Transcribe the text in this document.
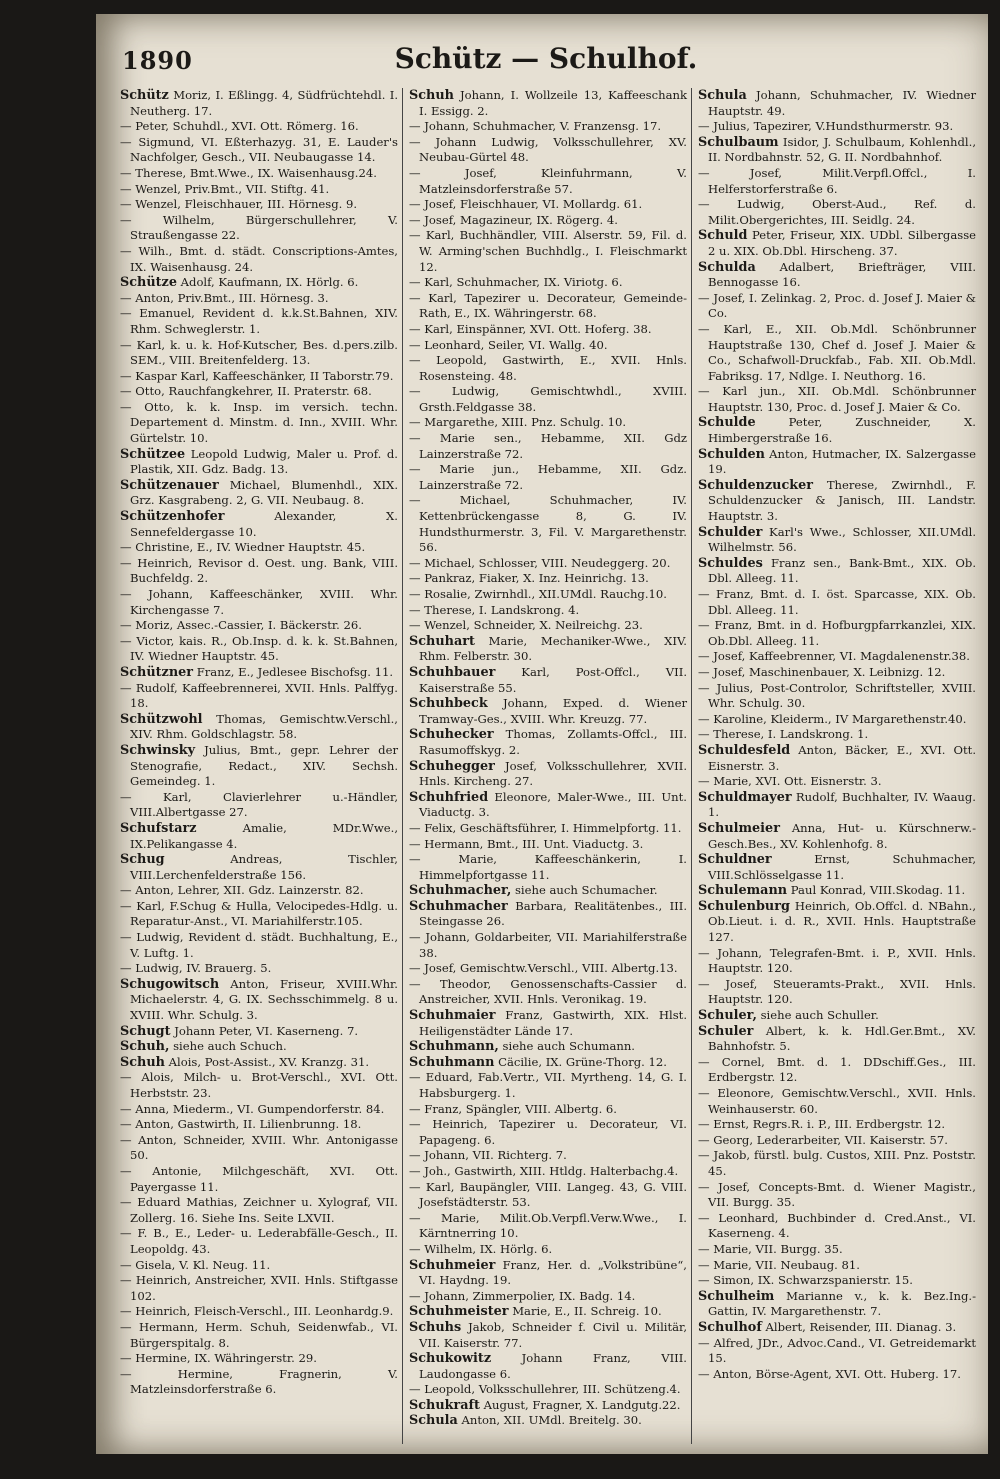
1890	Schütz — Schulhof.

Schütz Moriz, I. Eßlingg. 4, Südfrüchtehdl. I. Neutherg. 17.

— Peter, Schuhdl., XVI. Ott. Römerg. 16.

— Sigmund, VI. Eßterhazyg. 31, E. Lauder's Nachfolger, Gesch., VII. Neubaugasse 14.

— Therese, Bmt.Wwe., IX. Waisenhausg.24.

— Wenzel, Priv.Bmt., VII. Stiftg. 41.

— Wenzel, Fleischhauer, III. Hörnesg. 9.

— Wilhelm, Bürgerschullehrer, V. Straußengasse 22.

— Wilh., Bmt. d. städt. Conscriptions-Amtes, IX. Waisenhausg. 24.

Schütze Adolf, Kaufmann, IX. Hörlg. 6.

— Anton, Priv.Bmt., III. Hörnesg. 3.

— Emanuel, Revident d. k.k.St.Bahnen, XIV. Rhm. Schweglerstr. 1.

— Karl, k. u. k. Hof-Kutscher, Bes. d.pers.zilb. SEM., VIII. Breitenfelderg. 13.

— Kaspar Karl, Kaffeeschänker, II Taborstr.79.

— Otto, Rauchfangkehrer, II. Praterstr. 68.

— Otto, k. k. Insp. im versich. techn. Departement d. Minstm. d. Inn., XVIII. Whr. Gürtelstr. 10.

Schützee Leopold Ludwig, Maler u. Prof. d. Plastik, XII. Gdz. Badg. 13.

Schützenauer Michael, Blumenhdl., XIX. Grz. Kasgrabeng. 2, G. VII. Neubaug. 8.

Schützenhofer	Alexander, X. Sennefeldergasse 10.

— Christine, E., IV. Wiedner Hauptstr. 45.

— Heinrich, Revisor d. Oest. ung. Bank, VIII. Buchfeldg. 2.

— Johann, Kaffeeschänker, XVIII. Whr. Kirchengasse 7.

— Moriz, Assec.-Cassier, I. Bäckerstr. 26.

— Victor, kais. R., Ob.Insp. d. k. k. St.Bahnen, IV. Wiedner Hauptstr. 45.

Schützner Franz, E., Jedlesee Bischofsg. 11.

— Rudolf, Kaffeebrennerei, XVII. Hnls. Palffyg. 18.

Schützwohl Thomas, Gemischtw.Verschl., XIV. Rhm. Goldschlagstr. 58.

Schwinsky Julius, Bmt., gepr. Lehrer der Stenografie, Redact., XIV. Sechsh. Gemeindeg. 1.

— Karl, Clavierlehrer u.-Händler, VIII.Albertgasse 27.

Schufstarz	Amalie, MDr.Wwe., IX.Pelikangasse 4.

Schug	Andreas, Tischler, VIII.Lerchenfelderstraße 156.

— Anton, Lehrer, XII. Gdz. Lainzerstr. 82.

— Karl, F.Schug & Hulla, Velocipedes-Hdlg. u. Reparatur-Anst., VI. Mariahilferstr.105.

— Ludwig, Revident d. städt. Buchhaltung, E., V. Luftg. 1.

— Ludwig, IV. Brauerg. 5.

Schugowitsch Anton, Friseur, XVIII.Whr. Michaelerstr. 4, G. IX. Sechsschimmelg. 8 u. XVIII. Whr. Schulg. 3.

Schugt Johann Peter, VI. Kaserneng. 7.

Schuh, siehe auch Schuch.

Schuh Alois, Post-Assist., XV. Kranzg. 31.

— Alois, Milch- u. Brot-Verschl., XVI. Ott. Herbststr. 23.

— Anna, Miederm., VI. Gumpendorferstr. 84.

— Anton, Gastwirth, II. Lilienbrunng. 18.

— Anton, Schneider, XVIII. Whr. Antonigasse 50.

— Antonie, Milchgeschäft, XVI. Ott. Payergasse 11.

— Eduard Mathias, Zeichner u. Xylograf, VII. Zollerg. 16. Siehe Ins. Seite LXVII.

— F. B., E., Leder- u. Lederabfälle-Gesch., II. Leopoldg. 43.

— Gisela, V. Kl. Neug. 11.

— Heinrich, Anstreicher, XVII. Hnls. Stiftgasse 102.

— Heinrich, Fleisch-Verschl., III. Leonhardg.9.

— Hermann, Herm. Schuh, Seidenwfab., VI. Bürgerspitalg. 8.

— Hermine, IX. Währingerstr. 29.

— Hermine, Fragnerin, V. Matzleinsdorferstraße 6.

Schuh Johann, I. Wollzeile 13, Kaffeeschank I. Essigg. 2.

— Johann, Schuhmacher, V. Franzensg. 17.

— Johann Ludwig, Volksschullehrer, XV. Neubau-Gürtel 48.

— Josef, Kleinfuhrmann, V. Matzleinsdorferstraße 57.

— Josef, Fleischhauer, VI. Mollardg. 61.

— Josef, Magazineur, IX. Rögerg. 4.

— Karl, Buchhändler, VIII. Alserstr. 59, Fil. d. W. Arming'schen Buchhdlg., I. Fleischmarkt 12.

— Karl, Schuhmacher, IX. Viriotg. 6.

— Karl, Tapezirer u. Decorateur, Gemeinde-Rath, E., IX. Währingerstr. 68.

— Karl, Einspänner, XVI. Ott. Hoferg. 38.

— Leonhard, Seiler, VI. Wallg. 40.

— Leopold, Gastwirth, E., XVII. Hnls. Rosensteing. 48.

— Ludwig, Gemischtwhdl., XVIII. Grsth.Feldgasse 38.

— Margarethe, XIII. Pnz. Schulg. 10.

— Marie sen., Hebamme, XII. Gdz Lainzerstraße 72.

— Marie jun., Hebamme, XII. Gdz. Lainzerstraße 72.

— Michael, Schuhmacher, IV. Kettenbrückengasse 8, G. IV. Hundsthurmerstr. 3, Fil. V. Margarethenstr. 56.

— Michael, Schlosser, VIII. Neudeggerg. 20.

— Pankraz, Fiaker, X. Inz. Heinrichg. 13.

— Rosalie, Zwirnhdl., XII.UMdl. Rauchg.10.

— Therese, I. Landskrong. 4.

— Wenzel, Schneider, X. Neilreichg. 23.

Schuhart Marie, Mechaniker-Wwe., XIV. Rhm. Felberstr. 30.

Schuhbauer Karl, Post-Offcl., VII. Kaiserstraße 55.

Schuhbeck Johann, Exped. d. Wiener Tramway-Ges., XVIII. Whr. Kreuzg. 77.

Schuhecker Thomas, Zollamts-Offcl., III. Rasumoffskyg. 2.

Schuhegger Josef, Volksschullehrer, XVII. Hnls. Kircheng. 27.

Schuhfried Eleonore, Maler-Wwe., III. Unt. Viaductg. 3.

— Felix, Geschäftsführer, I. Himmelpfortg. 11.

— Hermann, Bmt., III. Unt. Viaductg. 3.

— Marie, Kaffeeschänkerin, I. Himmelpfortgasse 11.

Schuhmacher, siehe auch Schumacher.

Schuhmacher Barbara, Realitätenbes., III. Steingasse 26.

— Johann, Goldarbeiter, VII. Mariahilferstraße 38.

— Josef, Gemischtw.Verschl., VIII. Albertg.13.

— Theodor, Genossenschafts-Cassier d. Anstreicher, XVII. Hnls. Veronikag. 19.

Schuhmaier Franz, Gastwirth, XIX. Hlst. Heiligenstädter Lände 17.

Schuhmann, siehe auch Schumann.

Schuhmann Cäcilie, IX. Grüne-Thorg. 12.

— Eduard, Fab.Vertr., VII. Myrtheng. 14, G. I. Habsburgerg. 1.

— Franz, Spängler, VIII. Albertg. 6.

— Heinrich, Tapezirer u. Decorateur, VI. Papageng. 6.

— Johann, VII. Richterg. 7.

— Joh., Gastwirth, XIII. Htldg. Halterbachg.4.

— Karl, Baupängler, VIII. Langeg. 43, G. VIII. Josefstädterstr. 53.

— Marie, Milit.Ob.Verpfl.Verw.Wwe., I. Kärntnerring 10.

— Wilhelm, IX. Hörlg. 6.

Schuhmeier Franz, Her. d. „Volkstribüne“, VI. Haydng. 19.

— Johann, Zimmerpolier, IX. Badg. 14.

Schuhmeister Marie, E., II. Schreig. 10.

Schuhs Jakob, Schneider f. Civil u. Militär, VII. Kaiserstr. 77.

Schukowitz	Johann Franz, VIII. Laudongasse 6.

— Leopold, Volksschullehrer, III. Schützeng.4.

Schukraft August, Fragner, X. Landgutg.22.

Schula Anton, XII. UMdl. Breitelg. 30.

Schula Johann, Schuhmacher, IV. Wiedner Hauptstr. 49.

— Julius, Tapezirer, V.Hundsthurmerstr. 93.

Schulbaum Isidor, J. Schulbaum, Kohlenhdl., II. Nordbahnstr. 52, G. II. Nordbahnhof.

— Josef, Milit.Verpfl.Offcl., I. Helferstorferstraße 6.

— Ludwig, Oberst-Aud., Ref. d. Milit.Obergerichtes, III. Seidlg. 24.

Schuld Peter, Friseur, XIX. UDbl. Silbergasse 2 u. XIX. Ob.Dbl. Hirscheng. 37.

Schulda Adalbert, Briefträger, VIII. Bennogasse 16.

— Josef, I. Zelinkag. 2, Proc. d. Josef J. Maier & Co.

— Karl, E., XII. Ob.Mdl. Schönbrunner Hauptstraße 130, Chef d. Josef J. Maier & Co., Schafwoll-Druckfab., Fab. XII. Ob.Mdl. Fabriksg. 17, Ndlge. I. Neuthorg. 16.

— Karl jun., XII. Ob.Mdl. Schönbrunner Hauptstr. 130, Proc. d. Josef J. Maier & Co.

Schulde	Peter, Zuschneider, X. Himbergerstraße 16.

Schulden Anton, Hutmacher, IX. Salzergasse 19.

Schuldenzucker Therese, Zwirnhdl., F. Schuldenzucker & Janisch, III. Landstr. Hauptstr. 3.

Schulder Karl's Wwe., Schlosser, XII.UMdl. Wilhelmstr. 56.

Schuldes Franz sen., Bank-Bmt., XIX. Ob. Dbl. Alleeg. 11.

— Franz, Bmt. d. I. öst. Sparcasse, XIX. Ob. Dbl. Alleeg. 11.

— Franz, Bmt. in d. Hofburgpfarrkanzlei, XIX. Ob.Dbl. Alleeg. 11.

— Josef, Kaffeebrenner, VI. Magdalenenstr.38.

— Josef, Maschinenbauer, X. Leibnizg. 12.

— Julius, Post-Controlor, Schriftsteller, XVIII. Whr. Schulg. 30.

— Karoline, Kleiderm., IV Margarethenstr.40.

— Therese, I. Landskrong. 1.

Schuldesfeld Anton, Bäcker, E., XVI. Ott. Eisnerstr. 3.

— Marie, XVI. Ott. Eisnerstr. 3.

Schuldmayer Rudolf, Buchhalter, IV. Waaug. 1.

Schulmeier Anna, Hut- u. Kürschnerw.-Gesch.Bes., XV. Kohlenhofg. 8.

Schuldner	Ernst, Schuhmacher, VIII.Schlösselgasse 11.

Schulemann Paul Konrad, VIII.Skodag. 11.

Schulenburg Heinrich, Ob.Offcl. d. NBahn., Ob.Lieut. i. d. R., XVII. Hnls. Hauptstraße 127.

— Johann, Telegrafen-Bmt. i. P., XVII. Hnls. Hauptstr. 120.

— Josef, Steueramts-Prakt., XVII. Hnls. Hauptstr. 120.

Schuler, siehe auch Schuller.

Schuler Albert, k. k. Hdl.Ger.Bmt., XV. Bahnhofstr. 5.

— Cornel, Bmt. d. 1. DDschiff.Ges., III. Erdbergstr. 12.

— Eleonore, Gemischtw.Verschl., XVII. Hnls. Weinhauserstr. 60.

— Ernst, Regrs.R. i. P., III. Erdbergstr. 12.

— Georg, Lederarbeiter, VII. Kaiserstr. 57.

— Jakob, fürstl. bulg. Custos, XIII. Pnz. Poststr. 45.

— Josef, Concepts-Bmt. d. Wiener Magistr., VII. Burgg. 35.

— Leonhard, Buchbinder d. Cred.Anst., VI. Kaserneng. 4.

— Marie, VII. Burgg. 35.

— Marie, VII. Neubaug. 81.

— Simon, IX. Schwarzspanierstr. 15.

Schulheim Marianne v., k. k. Bez.Ing.-Gattin, IV. Margarethenstr. 7.

Schulhof Albert, Reisender, III. Dianag. 3.

— Alfred, JDr., Advoc.Cand., VI. Getreidemarkt 15.

— Anton, Börse-Agent, XVI. Ott. Huberg. 17.
